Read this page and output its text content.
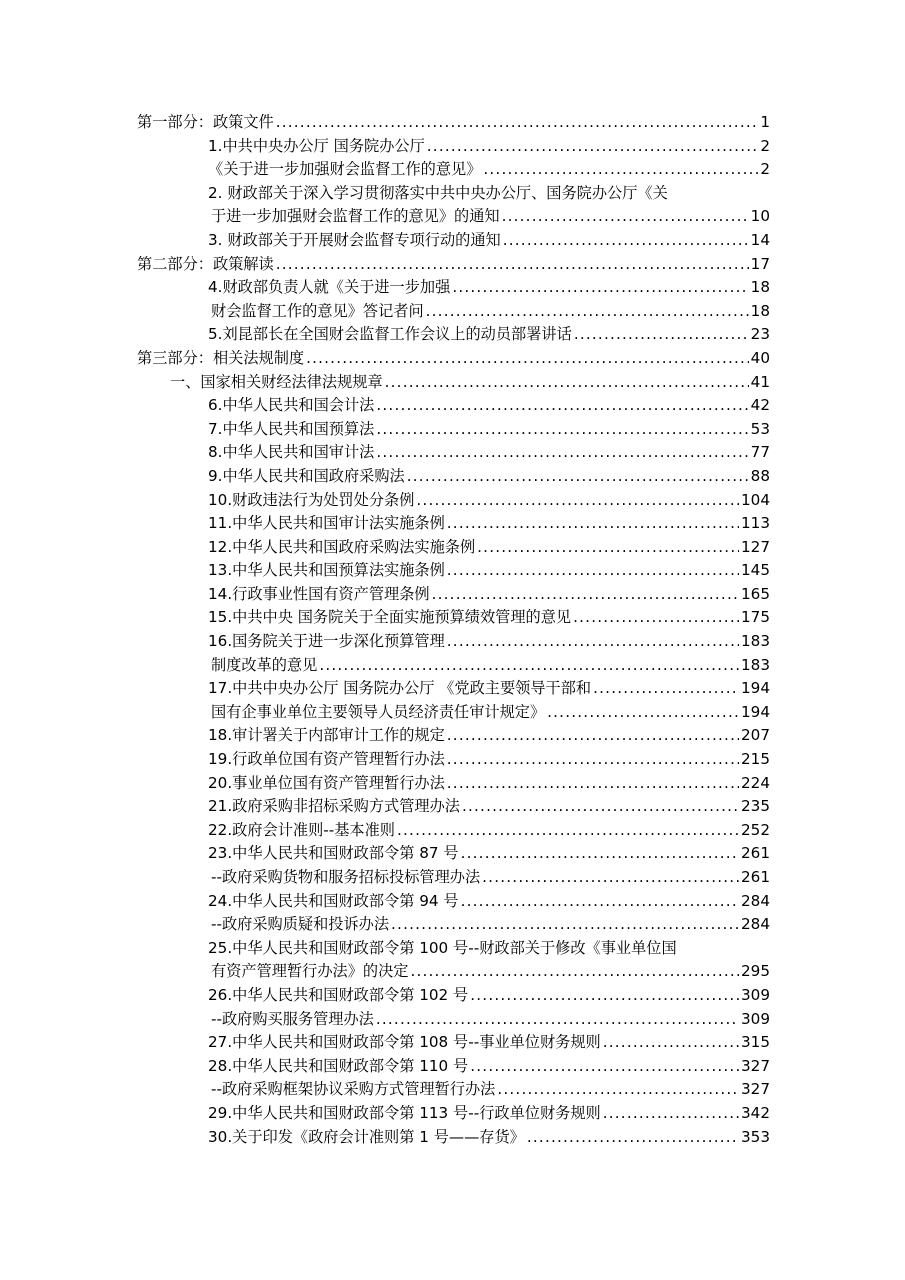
第一部分：政策文件 .....	1
1.中共中央办公厅 国务院办公厅 .....	2
《关于进一步加强财会监督工作的意见》 .....	2
2. 财政部关于深入学习贯彻落实中共中央办公厅、国务院办公厅《关
于进一步加强财会监督工作的意见》的通知 .....	10
3. 财政部关于开展财会监督专项行动的通知 .....	14
第二部分：政策解读 .....	17
4.财政部负责人就《关于进一步加强 .....	18
财会监督工作的意见》答记者问 .....	18
5.刘昆部长在全国财会监督工作会议上的动员部署讲话 .....	23
第三部分：相关法规制度 .....	40
一、国家相关财经法律法规规章 .....	41
6.中华人民共和国会计法 .....	42
7.中华人民共和国预算法 .....	53
8.中华人民共和国审计法 .....	77
9.中华人民共和国政府采购法 .....	88
10.财政违法行为处罚处分条例 .....	104
11.中华人民共和国审计法实施条例 .....	113
12.中华人民共和国政府采购法实施条例 .....	127
13.中华人民共和国预算法实施条例 .....	145
14.行政事业性国有资产管理条例 .....	165
15.中共中央 国务院关于全面实施预算绩效管理的意见 .....	175
16.国务院关于进一步深化预算管理 .....	183
制度改革的意见 .....	183
17.中共中央办公厅 国务院办公厅 《党政主要领导干部和 .....	194
国有企事业单位主要领导人员经济责任审计规定》 .....	194
18.审计署关于内部审计工作的规定 .....	207
19.行政单位国有资产管理暂行办法 .....	215
20.事业单位国有资产管理暂行办法 .....	224
21.政府采购非招标采购方式管理办法 .....	235
22.政府会计准则--基本准则 .....	252
23.中华人民共和国财政部令第 87 号 .....	261
--政府采购货物和服务招标投标管理办法 .....	261
24.中华人民共和国财政部令第 94 号 .....	284
--政府采购质疑和投诉办法 .....	284
25.中华人民共和国财政部令第 100 号--财政部关于修改《事业单位国
有资产管理暂行办法》的决定 .....	295
26.中华人民共和国财政部令第 102 号 .....	309
--政府购买服务管理办法 .....	309
27.中华人民共和国财政部令第 108 号--事业单位财务规则 .....	315
28.中华人民共和国财政部令第 110 号 .....	327
--政府采购框架协议采购方式管理暂行办法 .....	327
29.中华人民共和国财政部令第 113 号--行政单位财务规则 .....	342
30.关于印发《政府会计准则第 1 号——存货》 .....	353
